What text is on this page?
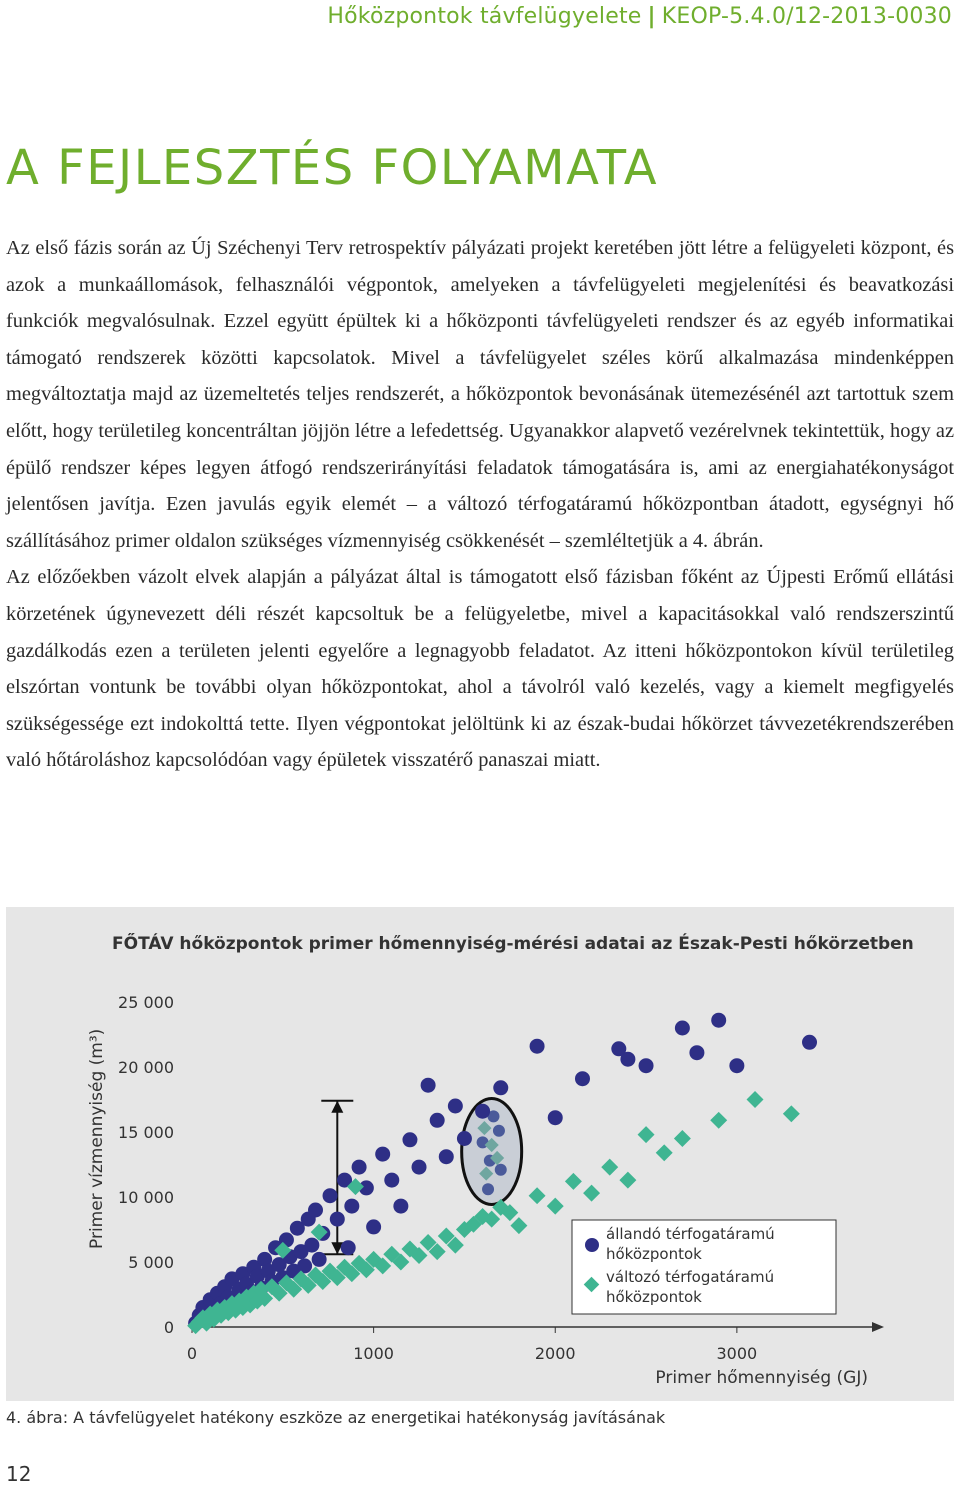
Hőközpontok távfelügyelete | KEOP-5.4.0/12-2013-0030
A FEJLESZTÉS FOLYAMATA

Az első fázis során az Új Széchenyi Terv retrospektív pályázati projekt keretében jött létre a felügyeleti központ, és azok a munkaállomások, felhasználói végpontok, amelyeken a távfelügyeleti megjelenítési és beavatkozási funkciók megvalósulnak. Ezzel együtt épültek ki a hőközponti távfelügyeleti rendszer és az egyéb informatikai támogató rendszerek közötti kapcsolatok. Mivel a távfelügyelet széles körű alkalmazása mindenképpen megváltoztatja majd az üzemeltetés teljes rendszerét, a hőközpontok bevonásának ütemezésénél azt tartottuk szem előtt, hogy területileg koncentráltan jöjjön létre a lefedettség. Ugyanakkor alapvető vezérelvnek tekintettük, hogy az épülő rendszer képes legyen átfogó rendszerirányítási feladatok támogatására is, ami az energiahatékonyságot jelentősen javítja. Ezen javulás egyik elemét – a változó térfogatáramú hőközpontban átadott, egységnyi hő szállításához primer oldalon szükséges vízmennyiség csökkenését – szemléltetjük a 4. ábrán.

Az előzőekben vázolt elvek alapján a pályázat által is támogatott első fázisban főként az Újpesti Erőmű ellátási körzetének úgynevezett déli részét kapcsoltuk be a felügyeletbe, mivel a kapacitásokkal való rendszerszintű gazdálkodás ezen a területen jelenti egyelőre a legnagyobb feladatot. Az itteni hőközpontokon kívül területileg elszórtan vontunk be további olyan hőközpontokat, ahol a távolról való kezelés, vagy a kiemelt megfigyelés szükségessége ezt indokolttá tette. Ilyen végpontokat jelöltünk ki az észak-budai hőkörzet távvezetékrendszerében való hőtároláshoz kapcsolódóan vagy épületek visszatérő panaszai miatt.

FŐTÁV hőközpontok primer hőmennyiség-mérési adatai az Észak-Pesti hőkörzetben
Primer vízmennyiség (m³)
Primer hőmennyiség (GJ)
0
5 000
10 000
15 000
20 000
25 000
0	1000	2000	3000
állandó térfogatáramú hőközpontok
változó térfogatáramú hőközpontok
4. ábra: A távfelügyelet hatékony eszköze az energetikai hatékonyság javításának
12
